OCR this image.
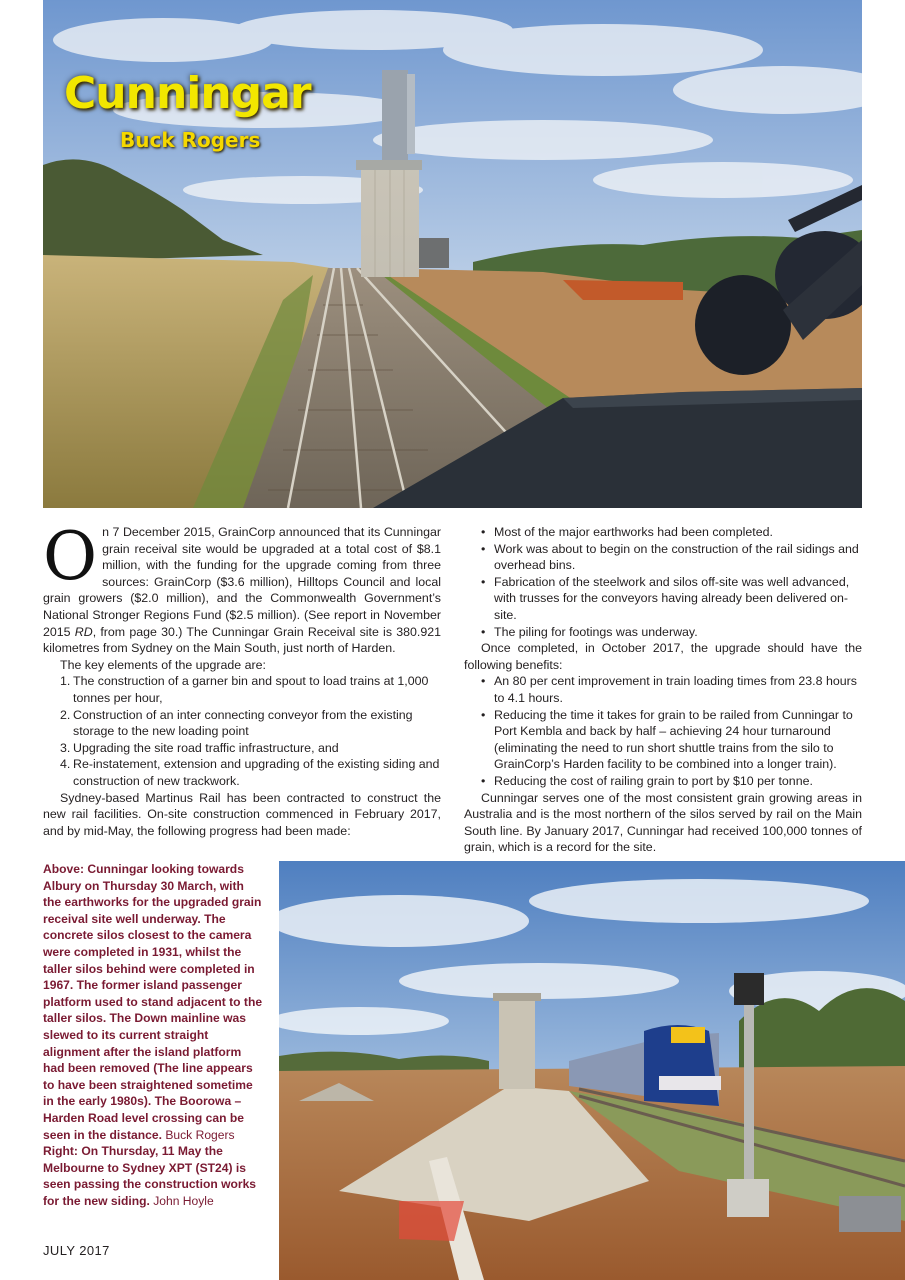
Cunningar
Buck Rogers

On 7 December 2015, GrainCorp announced that its Cunningar grain receival site would be upgraded at a total cost of $8.1 million, with the funding for the upgrade coming from three sources: GrainCorp ($3.6 million), Hilltops Council and local grain growers ($2.0 million), and the Commonwealth Government’s National Stronger Regions Fund ($2.5 million). (See report in November 2015 RD, from page 30.) The Cunningar Grain Receival site is 380.921 kilometres from Sydney on the Main South, just north of Harden.

The key elements of the upgrade are:

1. The construction of a garner bin and spout to load trains at 1,000 tonnes per hour,
2. Construction of an inter connecting conveyor from the existing storage to the new loading point
3. Upgrading the site road traffic infrastructure, and
4. Re-instatement, extension and upgrading of the existing siding and construction of new trackwork.

Sydney-based Martinus Rail has been contracted to construct the new rail facilities. On-site construction commenced in February 2017, and by mid-May, the following progress had been made:

• Most of the major earthworks had been completed.
• Work was about to begin on the construction of the rail sidings and overhead bins.
• Fabrication of the steelwork and silos off-site was well advanced, with trusses for the conveyors having already been delivered on-site.
• The piling for footings was underway.

Once completed, in October 2017, the upgrade should have the following benefits:

• An 80 per cent improvement in train loading times from 23.8 hours to 4.1 hours.
• Reducing the time it takes for grain to be railed from Cunningar to Port Kembla and back by half – achieving 24 hour turnaround (eliminating the need to run short shuttle trains from the silo to GrainCorp’s Harden facility to be combined into a longer train).
• Reducing the cost of railing grain to port by $10 per tonne.

Cunningar serves one of the most consistent grain growing areas in Australia and is the most northern of the silos served by rail on the Main South line. By January 2017, Cunningar had received 100,000 tonnes of grain, which is a record for the site.

Above: Cunningar looking towards Albury on Thursday 30 March, with the earthworks for the upgraded grain receival site well underway. The concrete silos closest to the camera were completed in 1931, whilst the taller silos behind were completed in 1967. The former island passenger platform used to stand adjacent to the taller silos. The Down mainline was slewed to its current straight alignment after the island platform had been removed (The line appears to have been straightened sometime in the early 1980s). The Boorowa – Harden Road level crossing can be seen in the distance. Buck Rogers
Right: On Thursday, 11 May the Melbourne to Sydney XPT (ST24) is seen passing the construction works for the new siding. John Hoyle
JULY 2017
